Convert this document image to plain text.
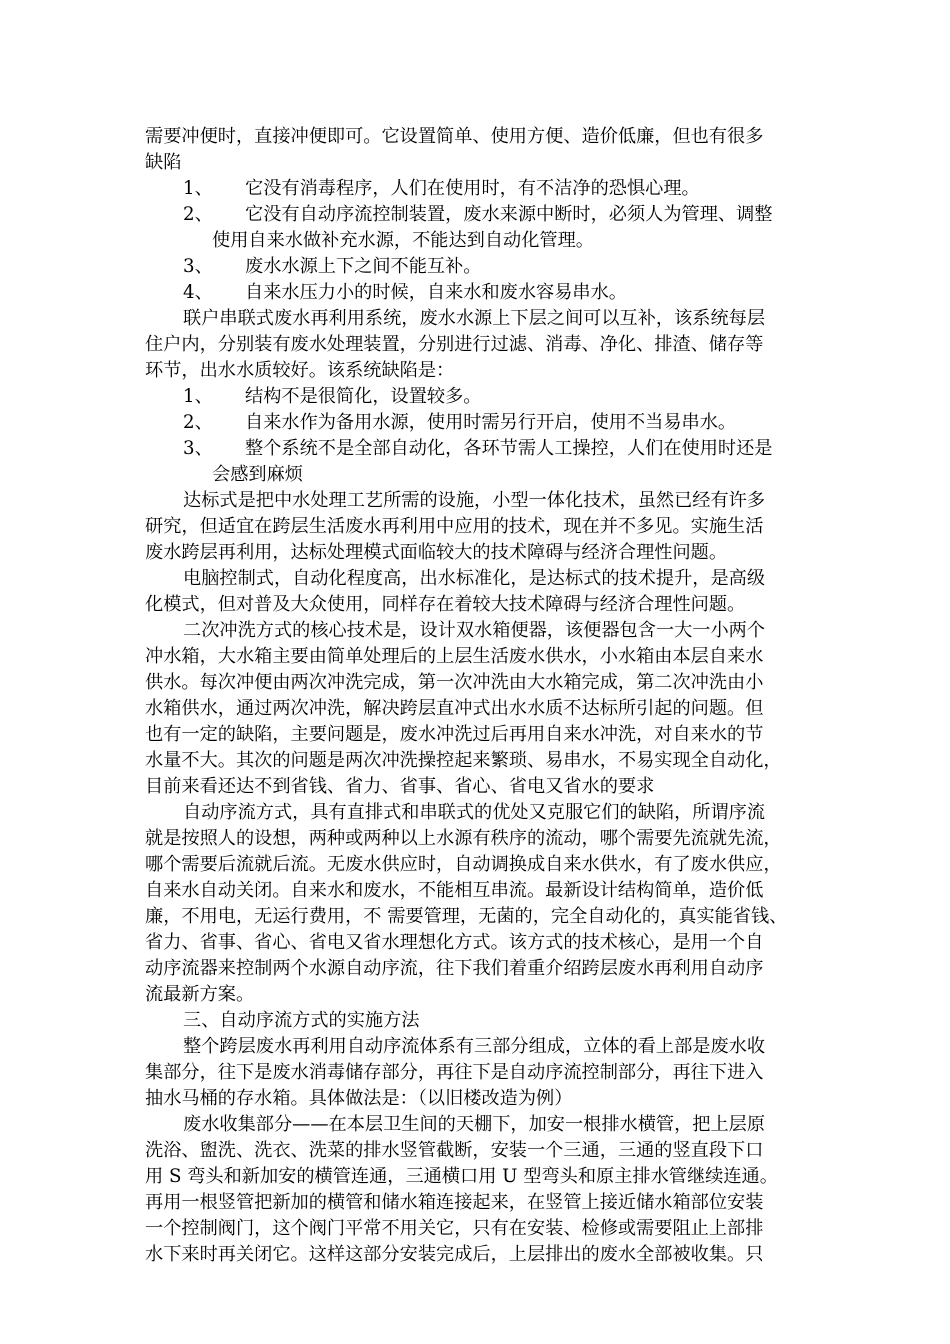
需要冲便时，直接冲便即可。它设置简单、使用方便、造价低廉，但也有很多
缺陷
1、 它没有消毒程序，人们在使用时，有不洁净的恐惧心理。
2、 它没有自动序流控制装置，废水来源中断时，必须人为管理、调整
使用自来水做补充水源，不能达到自动化管理。
3、 废水水源上下之间不能互补。
4、 自来水压力小的时候，自来水和废水容易串水。
联户串联式废水再利用系统，废水水源上下层之间可以互补，该系统每层
住户内，分别装有废水处理装置，分别进行过滤、消毒、净化、排渣、储存等
环节，出水水质较好。该系统缺陷是：
1、 结构不是很简化，设置较多。
2、 自来水作为备用水源，使用时需另行开启，使用不当易串水。
3、 整个系统不是全部自动化，各环节需人工操控，人们在使用时还是
会感到麻烦
达标式是把中水处理工艺所需的设施，小型一体化技术，虽然已经有许多
研究，但适宜在跨层生活废水再利用中应用的技术，现在并不多见。实施生活
废水跨层再利用，达标处理模式面临较大的技术障碍与经济合理性问题。
电脑控制式，自动化程度高，出水标准化，是达标式的技术提升，是高级
化模式，但对普及大众使用，同样存在着较大技术障碍与经济合理性问题。
二次冲洗方式的核心技术是，设计双水箱便器，该便器包含一大一小两个
冲水箱，大水箱主要由简单处理后的上层生活废水供水，小水箱由本层自来水
供水。每次冲便由两次冲洗完成，第一次冲洗由大水箱完成，第二次冲洗由小
水箱供水，通过两次冲洗，解决跨层直冲式出水水质不达标所引起的问题。但
也有一定的缺陷，主要问题是，废水冲洗过后再用自来水冲洗，对自来水的节
水量不大。其次的问题是两次冲洗操控起来繁琐、易串水，不易实现全自动化，
目前来看还达不到省钱、省力、省事、省心、省电又省水的要求
自动序流方式，具有直排式和串联式的优处又克服它们的缺陷，所谓序流
就是按照人的设想，两种或两种以上水源有秩序的流动，哪个需要先流就先流，
哪个需要后流就后流。无废水供应时，自动调换成自来水供水，有了废水供应，
自来水自动关闭。自来水和废水，不能相互串流。最新设计结构简单，造价低
廉，不用电，无运行费用，不 需要管理，无菌的，完全自动化的，真实能省钱、
省力、省事、省心、省电又省水理想化方式。该方式的技术核心，是用一个自
动序流器来控制两个水源自动序流，往下我们着重介绍跨层废水再利用自动序
流最新方案。
三、自动序流方式的实施方法
整个跨层废水再利用自动序流体系有三部分组成，立体的看上部是废水收
集部分，往下是废水消毒储存部分，再往下是自动序流控制部分，再往下进入
抽水马桶的存水箱。具体做法是：（以旧楼改造为例）
废水收集部分——在本层卫生间的天棚下，加安一根排水横管，把上层原
洗浴、盥洗、洗衣、洗菜的排水竖管截断，安装一个三通，三通的竖直段下口
用 S 弯头和新加安的横管连通，三通横口用 U 型弯头和原主排水管继续连通。
再用一根竖管把新加的横管和储水箱连接起来，在竖管上接近储水箱部位安装
一个控制阀门，这个阀门平常不用关它，只有在安装、检修或需要阻止上部排
水下来时再关闭它。这样这部分安装完成后，上层排出的废水全部被收集。只
